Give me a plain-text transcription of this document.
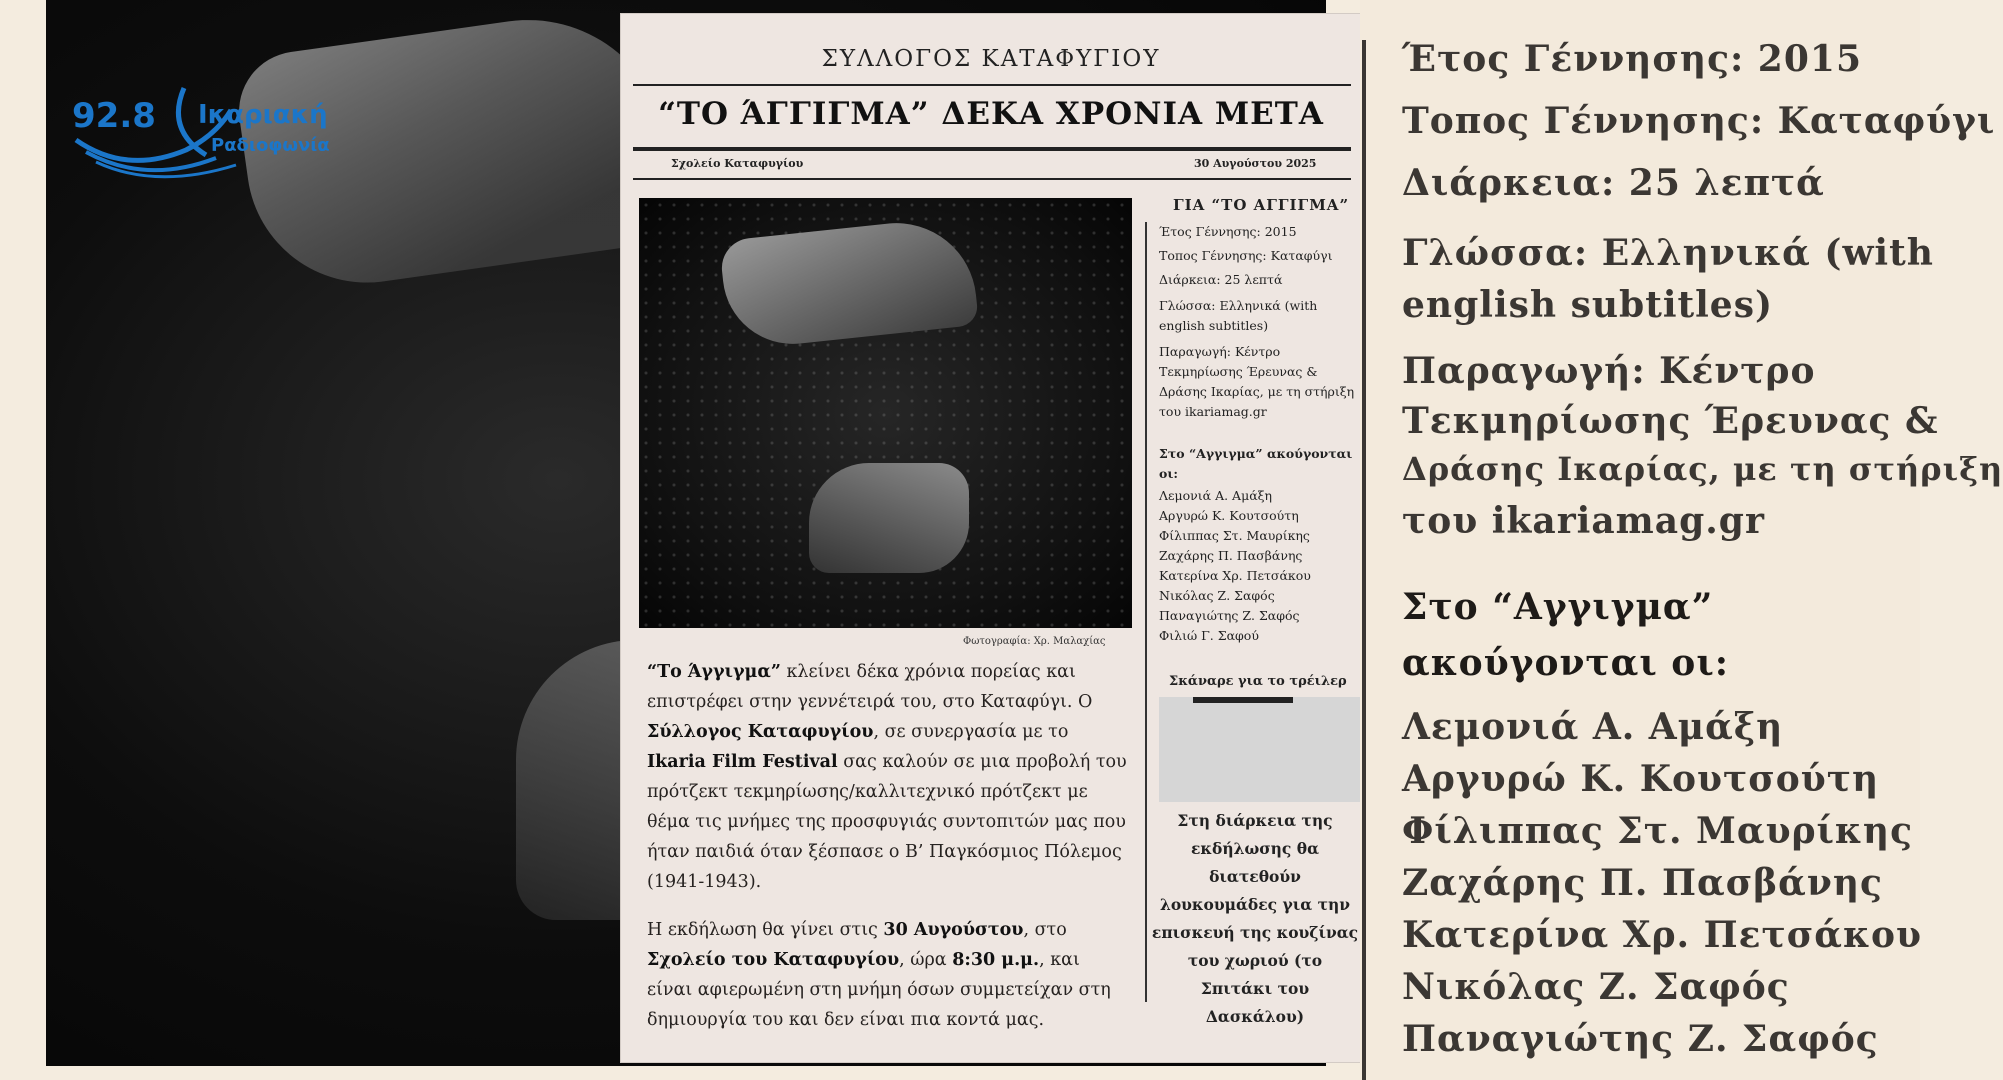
92.8 Ικαριακή
Ραδιοφωνία
ΣΥΛΛΟΓΟΣ ΚΑΤΑΦΥΓΙΟΥ
“ΤΟ ΆΓΓΙΓΜΑ” ΔΕΚΑ ΧΡΟΝΙΑ ΜΕΤΑ
Σχολείο Καταφυγίου	30 Αυγούστου 2025
Φωτογραφία: Χρ. Μαλαχίας

“Το Άγγιγμα” κλείνει δέκα χρόνια πορείας και επιστρέφει στην γεννέτειρά του, στο Καταφύγι. Ο Σύλλογος Καταφυγίου, σε συνεργασία με το Ikaria Film Festival σας καλούν σε μια προβολή του πρότζεκτ τεκμηρίωσης/καλλιτεχνικό πρότζεκτ με θέμα τις μνήμες της προσφυγιάς συντοπιτών μας που ήταν παιδιά όταν ξέσπασε ο Β’ Παγκόσμιος Πόλεμος (1941-1943).

Η εκδήλωση θα γίνει στις 30 Αυγούστου, στο Σχολείο του Καταφυγίου, ώρα 8:30 μ.μ., και είναι αφιερωμένη στη μνήμη όσων συμμετείχαν στη δημιουργία του και δεν είναι πια κοντά μας.

ΓΙΑ “ΤΟ ΑΓΓΙΓΜΑ”
Έτος Γέννησης: 2015
Τοπος Γέννησης: Καταφύγι
Διάρκεια: 25 λεπτά
Γλώσσα: Ελληνικά (with english subtitles)
Παραγωγή: Κέντρο Τεκμηρίωσης Έρευνας & Δράσης Ικαρίας, με τη στήριξη του ikariamag.gr
Στο “Αγγιγμα” ακούγονται οι:
Λεμονιά Α. Αμάξη
Αργυρώ Κ. Κουτσούτη
Φίλιππας Στ. Μαυρίκης
Ζαχάρης Π. Πασβάνης
Κατερίνα Χρ. Πετσάκου
Νικόλας Ζ. Σαφός
Παναγιώτης Ζ. Σαφός
Φιλιώ Γ. Σαφού
Σκάναρε για το τρέιλερ
Στη διάρκεια της εκδήλωσης θα διατεθούν λουκουμάδες για την επισκευή της κουζίνας του χωριού (το Σπιτάκι του Δασκάλου)
Έτος Γέννησης: 2015
Τοπος Γέννησης: Καταφύγι
Διάρκεια: 25 λεπτά
Γλώσσα: Ελληνικά (with
english subtitles)
Παραγωγή: Κέντρο
Τεκμηρίωσης Έρευνας &
Δράσης Ικαρίας, με τη στήριξη
του ikariamag.gr
Στο “Αγγιγμα”
ακούγονται οι:
Λεμονιά Α. Αμάξη
Αργυρώ Κ. Κουτσούτη
Φίλιππας Στ. Μαυρίκης
Ζαχάρης Π. Πασβάνης
Κατερίνα Χρ. Πετσάκου
Νικόλας Ζ. Σαφός
Παναγιώτης Ζ. Σαφός
